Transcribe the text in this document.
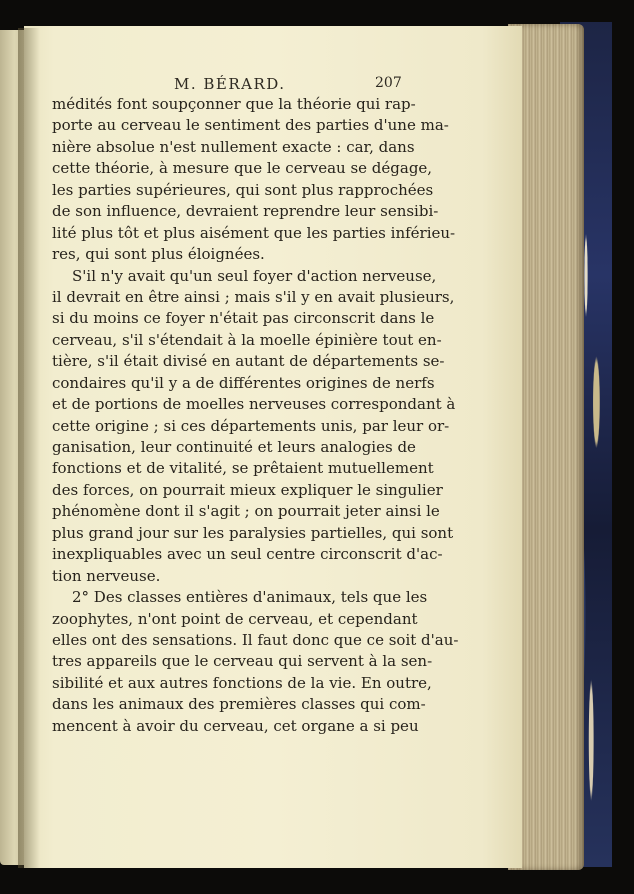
M. BÉRARD.	207
médités font soupçonner que la théorie qui rap-
porte au cerveau le sentiment des parties d'une ma-
nière absolue n'est nullement exacte : car, dans
cette théorie, à mesure que le cerveau se dégage,
les parties supérieures, qui sont plus rapprochées
de son influence, devraient reprendre leur sensibi-
lité plus tôt et plus aisément que les parties inférieu-
res, qui sont plus éloignées.
S'il n'y avait qu'un seul foyer d'action nerveuse,
il devrait en être ainsi ; mais s'il y en avait plusieurs,
si du moins ce foyer n'était pas circonscrit dans le
cerveau, s'il s'étendait à la moelle épinière tout en-
tière, s'il était divisé en autant de départements se-
condaires qu'il y a de différentes origines de nerfs
et de portions de moelles nerveuses correspondant à
cette origine ; si ces départements unis, par leur or-
ganisation, leur continuité et leurs analogies de
fonctions et de vitalité, se prêtaient mutuellement
des forces, on pourrait mieux expliquer le singulier
phénomène dont il s'agit ; on pourrait jeter ainsi le
plus grand jour sur les paralysies partielles, qui sont
inexpliquables avec un seul centre circonscrit d'ac-
tion nerveuse.
2° Des classes entières d'animaux, tels que les
zoophytes, n'ont point de cerveau, et cependant
elles ont des sensations. Il faut donc que ce soit d'au-
tres appareils que le cerveau qui servent à la sen-
sibilité et aux autres fonctions de la vie. En outre,
dans les animaux des premières classes qui com-
mencent à avoir du cerveau, cet organe a si peu
